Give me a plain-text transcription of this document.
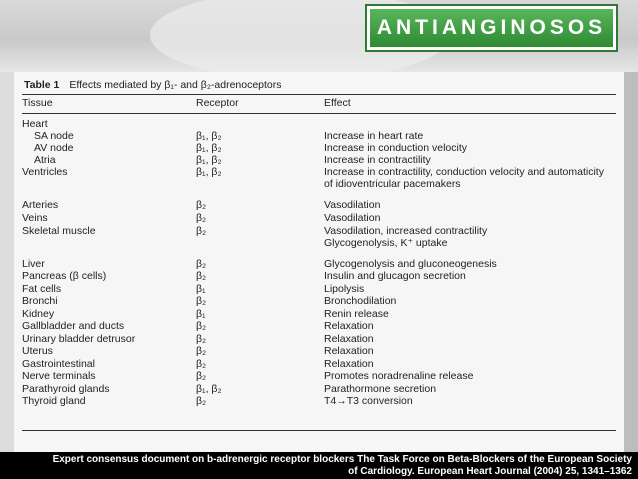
ANTIANGINOSOS
Table 1 Effects mediated by β₁- and β₂-adrenoceptors
Tissue	Receptor	Effect
Heart
SA node	β₁, β₂	Increase in heart rate
AV node	β₁, β₂	Increase in conduction velocity
Atria	β₁, β₂	Increase in contractility
Ventricles	β₁, β₂	Increase in contractility, conduction velocity and automaticity
of idioventricular pacemakers
Arteries	β₂	Vasodilation
Veins	β₂	Vasodilation
Skeletal muscle	β₂	Vasodilation, increased contractility
Glycogenolysis, K⁺ uptake
Liver	β₂	Glycogenolysis and gluconeogenesis
Pancreas (β cells)	β₂	Insulin and glucagon secretion
Fat cells	β₁	Lipolysis
Bronchi	β₂	Bronchodilation
Kidney	β₁	Renin release
Gallbladder and ducts	β₂	Relaxation
Urinary bladder detrusor	β₂	Relaxation
Uterus	β₂	Relaxation
Gastrointestinal	β₂	Relaxation
Nerve terminals	β₂	Promotes noradrenaline release
Parathyroid glands	β₁, β₂	Parathormone secretion
Thyroid gland	β₂	T4→T3 conversion
Expert consensus document on b-adrenergic receptor blockers The Task Force on Beta-Blockers of the European Society
of Cardiology. European Heart Journal (2004) 25, 1341–1362
